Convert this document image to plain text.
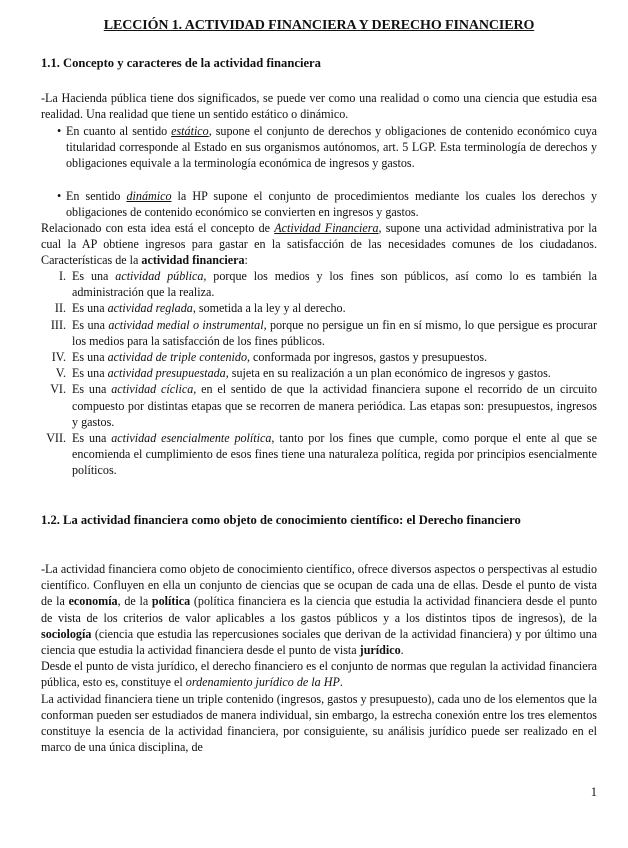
LECCIÓN 1. ACTIVIDAD FINANCIERA Y DERECHO FINANCIERO
1.1. Concepto y caracteres de la actividad financiera

-La Hacienda pública tiene dos significados, se puede ver como una realidad o como una ciencia que estudia esa realidad. Una realidad que tiene un sentido estático o dinámico.

• En cuanto al sentido estático, supone el conjunto de derechos y obligaciones de contenido económico cuya titularidad corresponde al Estado en sus organismos autónomos, art. 5 LGP. Esta terminología de derechos y obligaciones equivale a la terminología económica de ingresos y gastos.

• En sentido dinámico la HP supone el conjunto de procedimientos mediante los cuales los derechos y obligaciones de contenido económico se convierten en ingresos y gastos.

Relacionado con esta idea está el concepto de Actividad Financiera, supone una actividad administrativa por la cual la AP obtiene ingresos para gastar en la satisfacción de las necesidades comunes de los ciudadanos. Características de la actividad financiera:

I. Es una actividad pública, porque los medios y los fines son públicos, así como lo es también la administración que la realiza.
II. Es una actividad reglada, sometida a la ley y al derecho.
III. Es una actividad medial o instrumental, porque no persigue un fin en sí mismo, lo que persigue es procurar los medios para la satisfacción de los fines públicos.
IV. Es una actividad de triple contenido, conformada por ingresos, gastos y presupuestos.
V. Es una actividad presupuestada, sujeta en su realización a un plan económico de ingresos y gastos.
VI. Es una actividad cíclica, en el sentido de que la actividad financiera supone el recorrido de un circuito compuesto por distintas etapas que se recorren de manera periódica. Las etapas son: presupuestos, ingresos y gastos.
VII. Es una actividad esencialmente política, tanto por los fines que cumple, como porque el ente al que se encomienda el cumplimiento de esos fines tiene una naturaleza política, regida por principios esencialmente políticos.
1.2. La actividad financiera como objeto de conocimiento científico: el Derecho financiero

-La actividad financiera como objeto de conocimiento científico, ofrece diversos aspectos o perspectivas al estudio científico. Confluyen en ella un conjunto de ciencias que se ocupan de cada una de ellas. Desde el punto de vista de la economía, de la política (política financiera es la ciencia que estudia la actividad financiera desde el punto de vista de los criterios de valor aplicables a los gastos públicos y a los distintos tipos de ingresos), de la sociología (ciencia que estudia las repercusiones sociales que derivan de la actividad financiera) y por último una ciencia que estudia la actividad financiera desde el punto de vista jurídico.

Desde el punto de vista jurídico, el derecho financiero es el conjunto de normas que regulan la actividad financiera pública, esto es, constituye el ordenamiento jurídico de la HP.

La actividad financiera tiene un triple contenido (ingresos, gastos y presupuesto), cada uno de los elementos que la conforman pueden ser estudiados de manera individual, sin embargo, la estrecha conexión entre los tres elementos constituye la esencia de la actividad financiera, por consiguiente, su análisis jurídico puede ser realizado en el marco de una única disciplina, de

1
